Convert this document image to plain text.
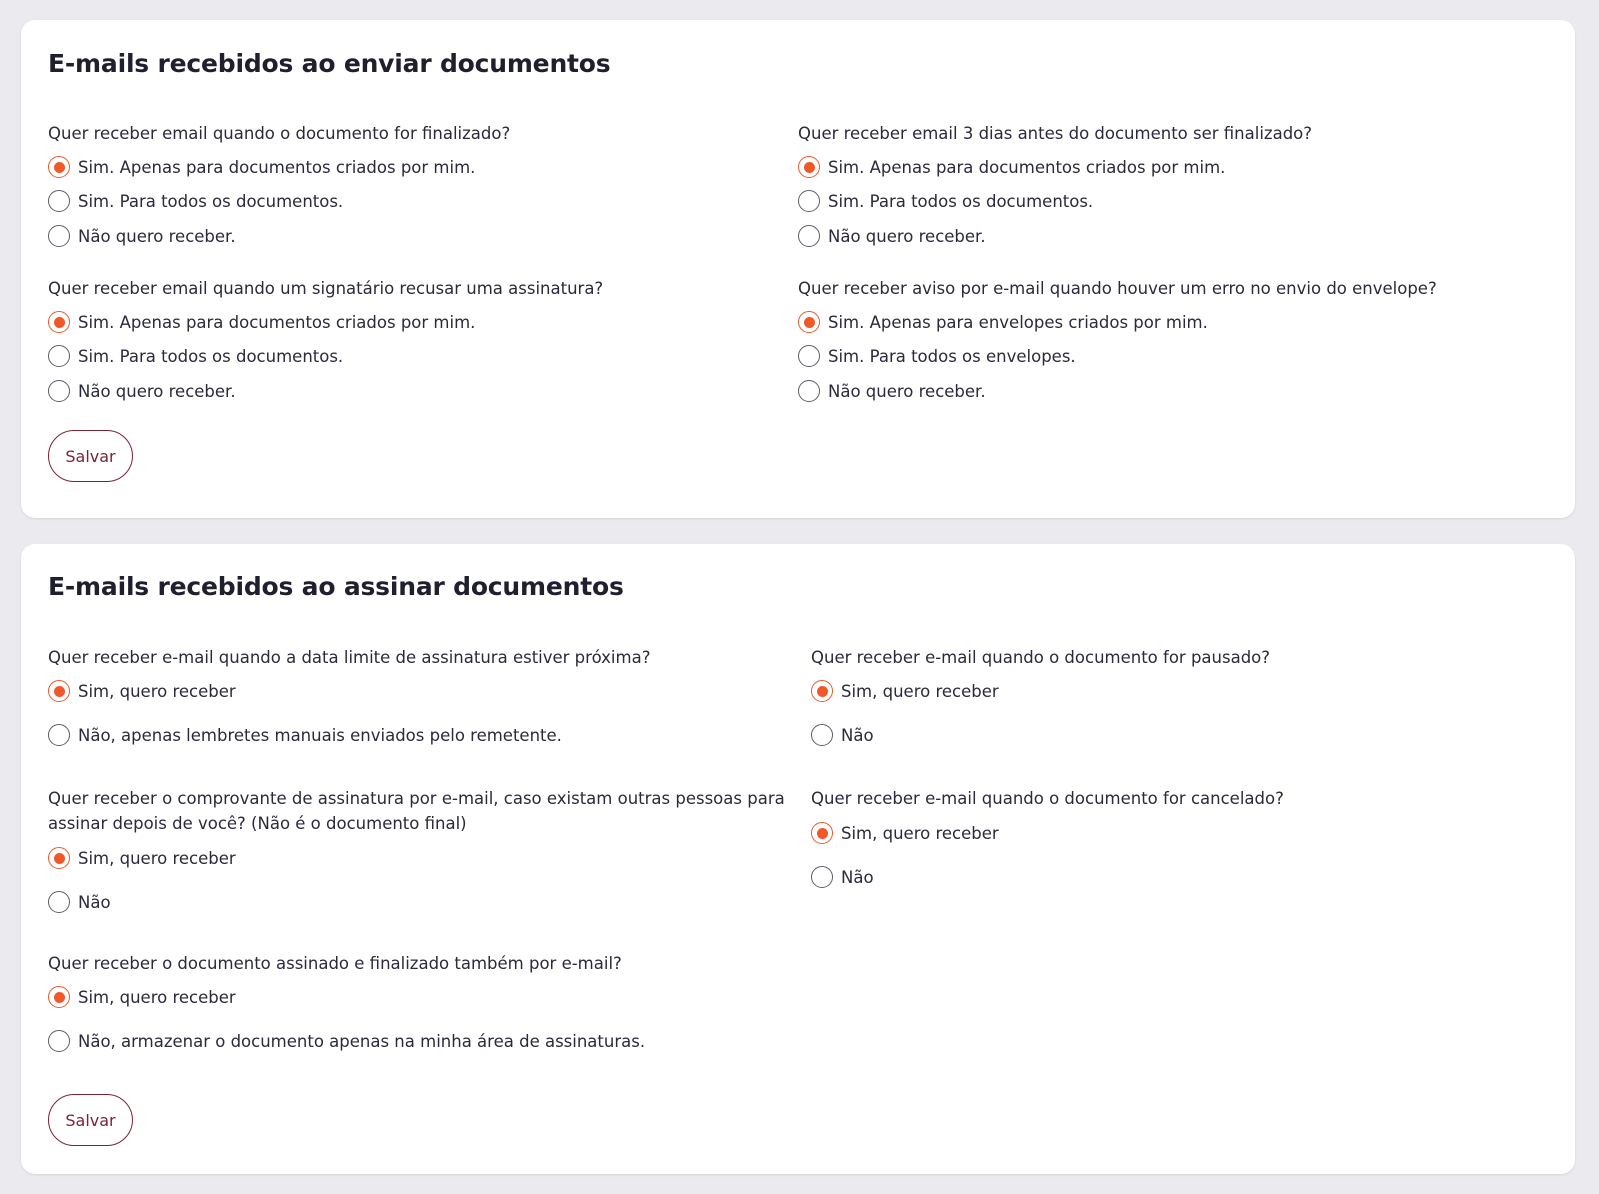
E-mails recebidos ao enviar documentos
Quer receber email quando o documento for finalizado?
Sim. Apenas para documentos criados por mim.
Sim. Para todos os documentos.
Não quero receber.
Quer receber email 3 dias antes do documento ser finalizado?
Sim. Apenas para documentos criados por mim.
Sim. Para todos os documentos.
Não quero receber.
Quer receber email quando um signatário recusar uma assinatura?
Sim. Apenas para documentos criados por mim.
Sim. Para todos os documentos.
Não quero receber.
Quer receber aviso por e-mail quando houver um erro no envio do envelope?
Sim. Apenas para envelopes criados por mim.
Sim. Para todos os envelopes.
Não quero receber.
Salvar
E-mails recebidos ao assinar documentos
Quer receber e-mail quando a data limite de assinatura estiver próxima?
Sim, quero receber
Não, apenas lembretes manuais enviados pelo remetente.
Quer receber e-mail quando o documento for pausado?
Sim, quero receber
Não
Quer receber o comprovante de assinatura por e-mail, caso existam outras pessoas para assinar depois de você? (Não é o documento final)
Sim, quero receber
Não
Quer receber e-mail quando o documento for cancelado?
Sim, quero receber
Não
Quer receber o documento assinado e finalizado também por e-mail?
Sim, quero receber
Não, armazenar o documento apenas na minha área de assinaturas.
Salvar
